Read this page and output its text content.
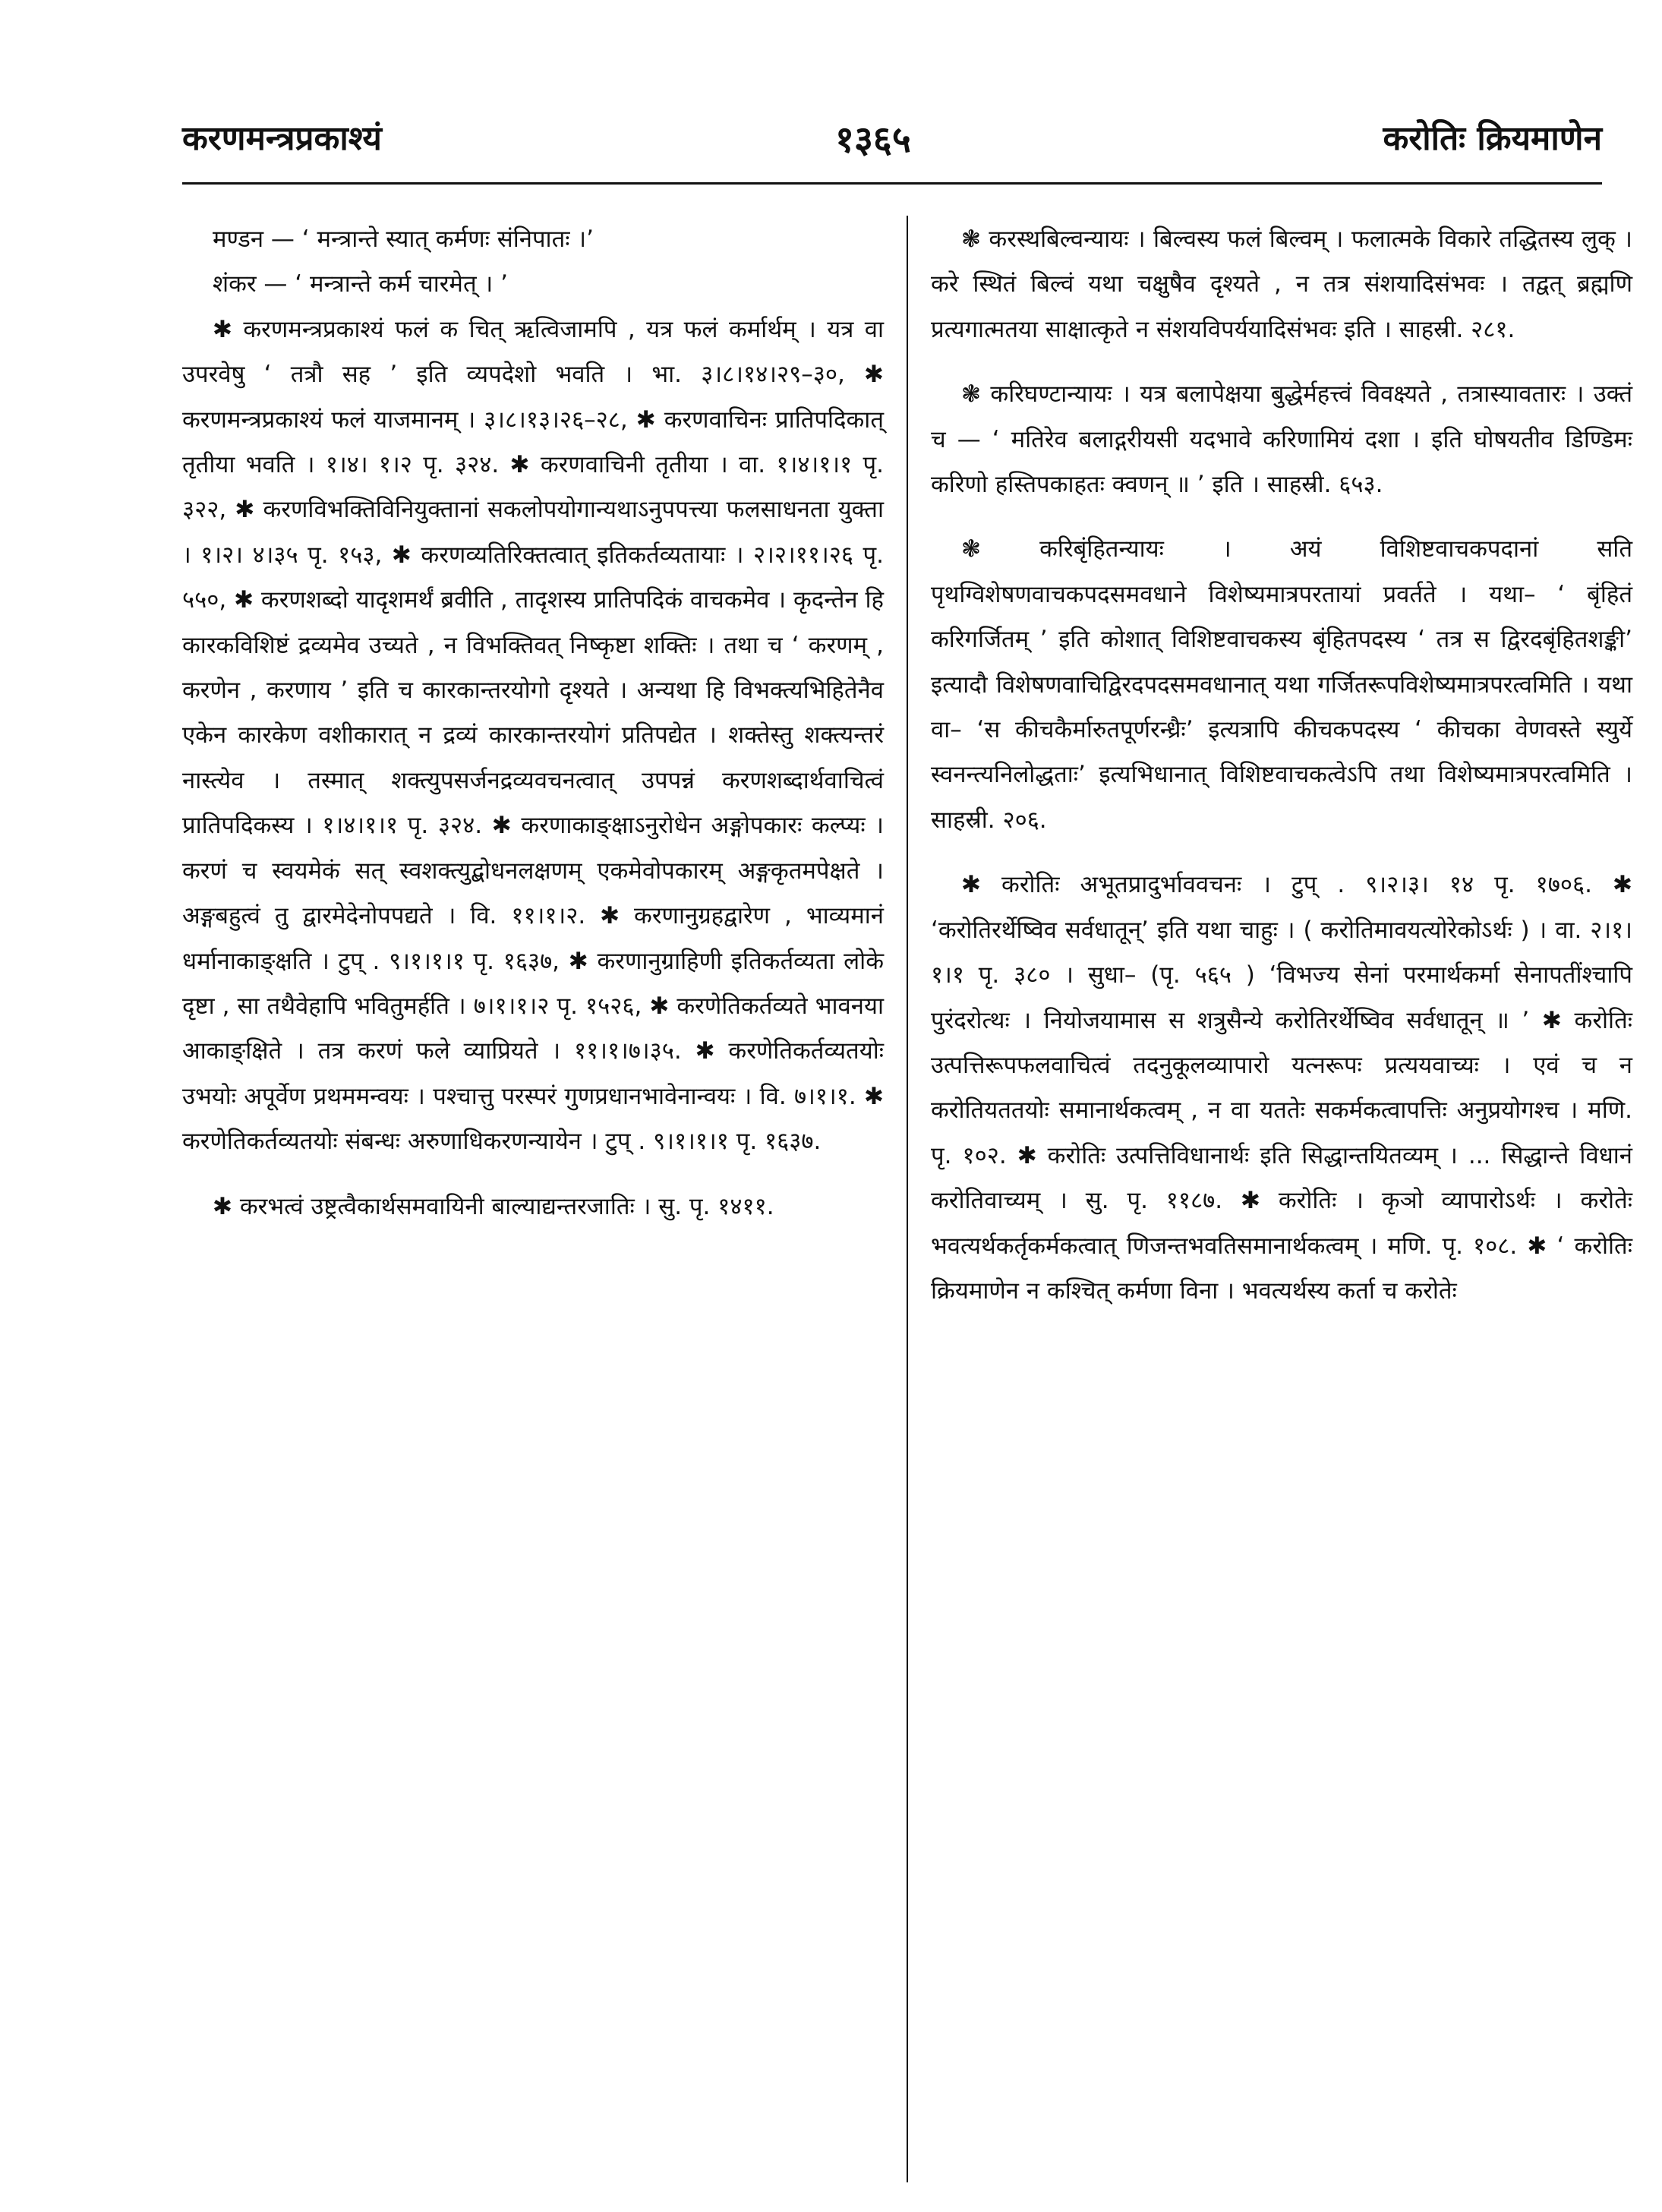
करणमन्त्रप्रकाश्यं	१३६५	करोतिः क्रियमाणेन

मण्डन — ‘ मन्त्रान्ते स्यात् कर्मणः संनिपातः ।’

शंकर — ‘ मन्त्रान्ते कर्म चारमेत् । ’

✱ करणमन्त्रप्रकाश्यं फलं क चित् ऋत्विजामपि , यत्र फलं कर्मार्थम् । यत्र वा उपरवेषु ‘ तत्रौ सह ’ इति व्यपदेशो भवति । भा. ३।८।१४।२९–३०, ✱ करणमन्त्रप्रकाश्यं फलं याजमानम् । ३।८।१३।२६–२८, ✱ करणवाचिनः प्रातिपदिकात् तृतीया भवति । १।४। १।२ पृ. ३२४. ✱ करणवाचिनी तृतीया । वा. १।४।१।१ पृ. ३२२, ✱ करणविभक्तिविनियुक्तानां सकलोपयोगान्यथाऽनुपपत्त्या फलसाधनता युक्ता । १।२। ४।३५ पृ. १५३, ✱ करणव्यतिरिक्तत्वात् इतिकर्तव्यतायाः । २।२।११।२६ पृ. ५५०, ✱ करणशब्दो यादृशमर्थं ब्रवीति , तादृशस्य प्रातिपदिकं वाचकमेव । कृदन्तेन हि कारकविशिष्टं द्रव्यमेव उच्यते , न विभक्तिवत् निष्कृष्टा शक्तिः । तथा च ‘ करणम् , करणेन , करणाय ’ इति च कारकान्तरयोगो दृश्यते । अन्यथा हि विभक्त्यभिहितेनैव एकेन कारकेण वशीकारात् न द्रव्यं कारकान्तरयोगं प्रतिपद्येत । शक्तेस्तु शक्त्यन्तरं नास्त्येव । तस्मात् शक्त्युपसर्जनद्रव्यवचनत्वात् उपपन्नं करणशब्दार्थवाचित्वं प्रातिपदिकस्य । १।४।१।१ पृ. ३२४. ✱ करणाकाङ्क्षाऽनुरोधेन अङ्गोपकारः कल्प्यः । करणं च स्वयमेकं सत् स्वशक्त्युद्बोधनलक्षणम् एकमेवोपकारम् अङ्गकृतमपेक्षते । अङ्गबहुत्वं तु द्वारमेदेनोपपद्यते । वि. ११।१।२. ✱ करणानुग्रहद्वारेण , भाव्यमानं धर्मानाकाङ्क्षति । टुप् . ९।१।१।१ पृ. १६३७, ✱ करणानुग्राहिणी इतिकर्तव्यता लोके दृष्टा , सा तथैवेहापि भवितुमर्हति । ७।१।१।२ पृ. १५२६, ✱ करणेतिकर्तव्यते भावनया आकाङ्क्षिते । तत्र करणं फले व्याप्रियते । ११।१।७।३५. ✱ करणेतिकर्तव्यतयोः उभयोः अपूर्वेण प्रथममन्वयः । पश्चात्तु परस्परं गुणप्रधानभावेनान्वयः । वि. ७।१।१. ✱ करणेतिकर्तव्यतयोः संबन्धः अरुणाधिकरणन्यायेन । टुप् . ९।१।१।१ पृ. १६३७.

✱ करभत्वं उष्ट्रत्वैकार्थसमवायिनी बाल्याद्यन्तरजातिः । सु. पृ. १४११.

❃ करस्थबिल्वन्यायः । बिल्वस्य फलं बिल्वम् । फलात्मके विकारे तद्धितस्य लुक् । करे स्थितं बिल्वं यथा चक्षुषैव दृश्यते , न तत्र संशयादिसंभवः । तद्वत् ब्रह्मणि प्रत्यगात्मतया साक्षात्कृते न संशयविपर्ययादिसंभवः इति । साहस्री. २८१.

❃ करिघण्टान्यायः । यत्र बलापेक्षया बुद्धेर्महत्त्वं विवक्ष्यते , तत्रास्यावतारः । उक्तं च — ‘ मतिरेव बलाद्गरीयसी यदभावे करिणामियं दशा । इति घोषयतीव डिण्डिमः करिणो हस्तिपकाहतः क्वणन् ॥ ’ इति । साहस्री. ६५३.

❃ करिबृंहितन्यायः । अयं विशिष्टवाचकपदानां सति पृथग्विशेषणवाचकपदसमवधाने विशेष्यमात्रपरतायां प्रवर्तते । यथा– ‘ बृंहितं करिगर्जितम् ’ इति कोशात् विशिष्टवाचकस्य बृंहितपदस्य ‘ तत्र स द्विरदबृंहितशङ्की’ इत्यादौ विशेषणवाचिद्विरदपदसमवधानात् यथा गर्जितरूपविशेष्यमात्रपरत्वमिति । यथा वा– ‘स कीचकैर्मारुतपूर्णरन्ध्रैः’ इत्यत्रापि कीचकपदस्य ‘ कीचका वेणवस्ते स्युर्ये स्वनन्त्यनिलोद्धताः’ इत्यभिधानात् विशिष्टवाचकत्वेऽपि तथा विशेष्यमात्रपरत्वमिति । साहस्री. २०६.

✱ करोतिः अभूतप्रादुर्भाववचनः । टुप् . ९।२।३। १४ पृ. १७०६. ✱ ‘करोतिरर्थेष्विव सर्वधातून्’ इति यथा चाहुः । ( करोतिमावयत्योरेकोऽर्थः ) । वा. २।१। १।१ पृ. ३८० । सुधा– (पृ. ५६५ ) ‘विभज्य सेनां परमार्थकर्मा सेनापतींश्चापि पुरंदरोत्थः । नियोजयामास स शत्रुसैन्ये करोतिरर्थेष्विव सर्वधातून् ॥ ’ ✱ करोतिः उत्पत्तिरूपफलवाचित्वं तदनुकूलव्यापारो यत्नरूपः प्रत्ययवाच्यः । एवं च न करोतियततयोः समानार्थकत्वम् , न वा यततेः सकर्मकत्वापत्तिः अनुप्रयोगश्च । मणि. पृ. १०२. ✱ करोतिः उत्पत्तिविधानार्थः इति सिद्धान्तयितव्यम् । ... सिद्धान्ते विधानं करोतिवाच्यम् । सु. पृ. ११८७. ✱ करोतिः । कृञो व्यापारोऽर्थः । करोतेः भवत्यर्थकर्तृकर्मकत्वात् णिजन्तभवतिसमानार्थकत्वम् । मणि. पृ. १०८. ✱ ‘ करोतिः क्रियमाणेन न कश्चित् कर्मणा विना । भवत्यर्थस्य कर्ता च करोतेः
